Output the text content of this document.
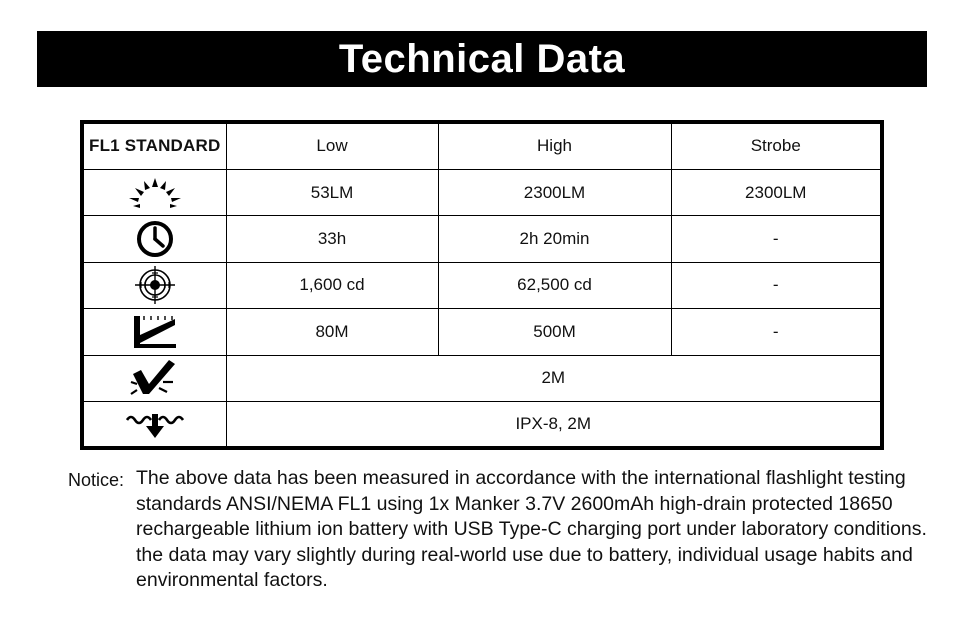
Technical Data
FL1 STANDARD	Low	High	Strobe

	53LM	2300LM	2300LM

	33h	2h 20min	-

	1,600 cd	62,500 cd	-

	80M	500M	-

	2M		

	IPX-8, 2M		
Notice: The above data has been measured in accordance with the international flashlight testing standards ANSI/NEMA FL1 using 1x Manker 3.7V 2600mAh high-drain protected 18650 rechargeable lithium ion battery with USB Type-C charging port under laboratory conditions. the data may vary slightly during real-world use due to battery, individual usage habits and environmental factors.
